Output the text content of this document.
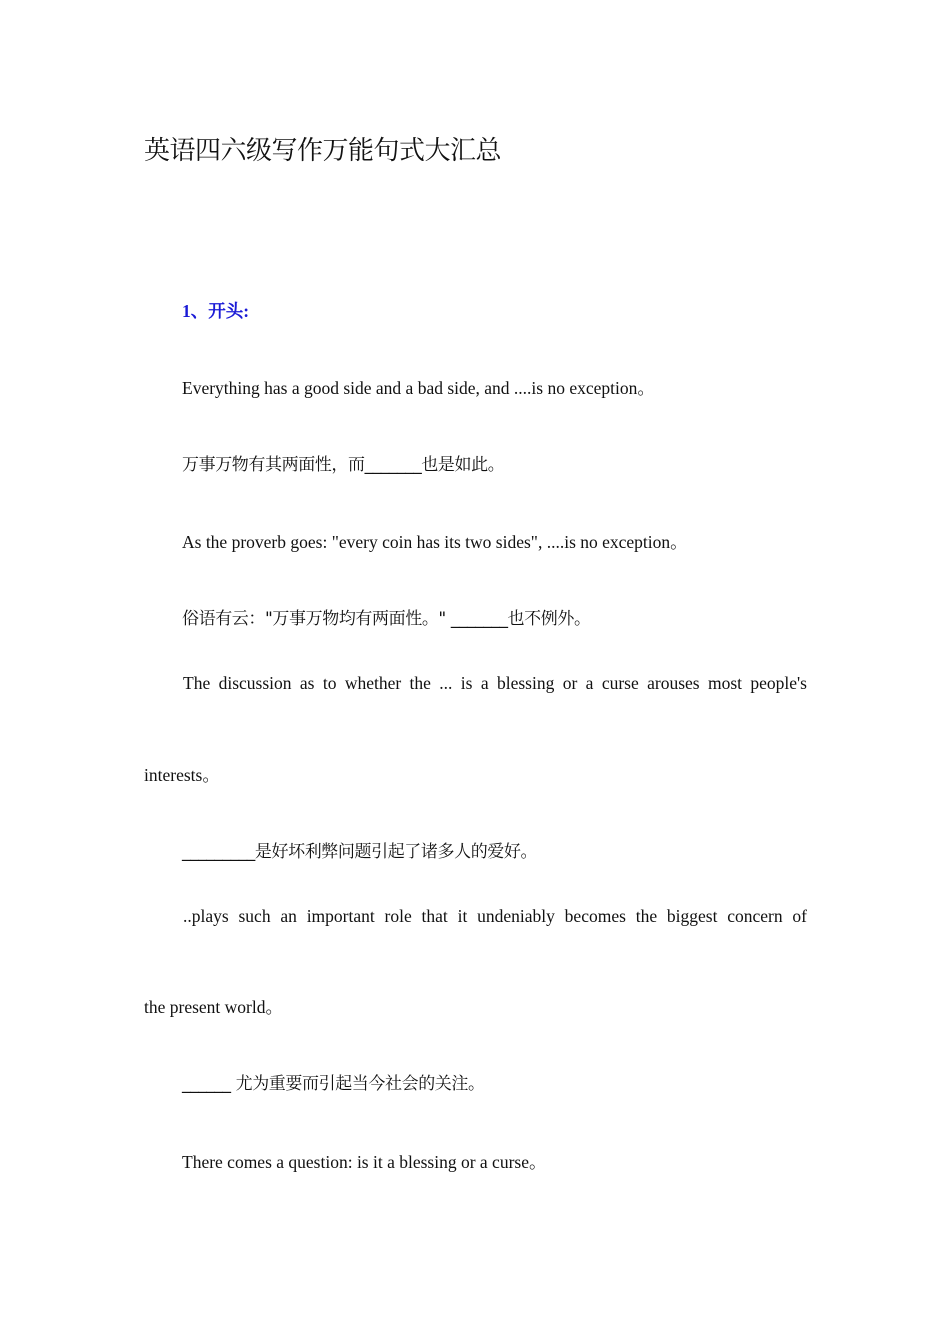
英语四六级写作万能句式大汇总
1、开头:
Everything has a good side and a bad side, and ....is no exception。
万事万物有其两面性，而_______也是如此。
As the proverb goes: "every coin has its two sides", ....is no exception。
俗语有云："万事万物均有两面性。" _______也不例外。
The discussion as to whether the ... is a blessing or a curse arouses most people's
interests。
_________是好坏利弊问题引起了诸多人的爱好。
..plays such an important role that it undeniably becomes the biggest concern of
the present world。
______ 尤为重要而引起当今社会的关注。
There comes a question: is it a blessing or a curse。
